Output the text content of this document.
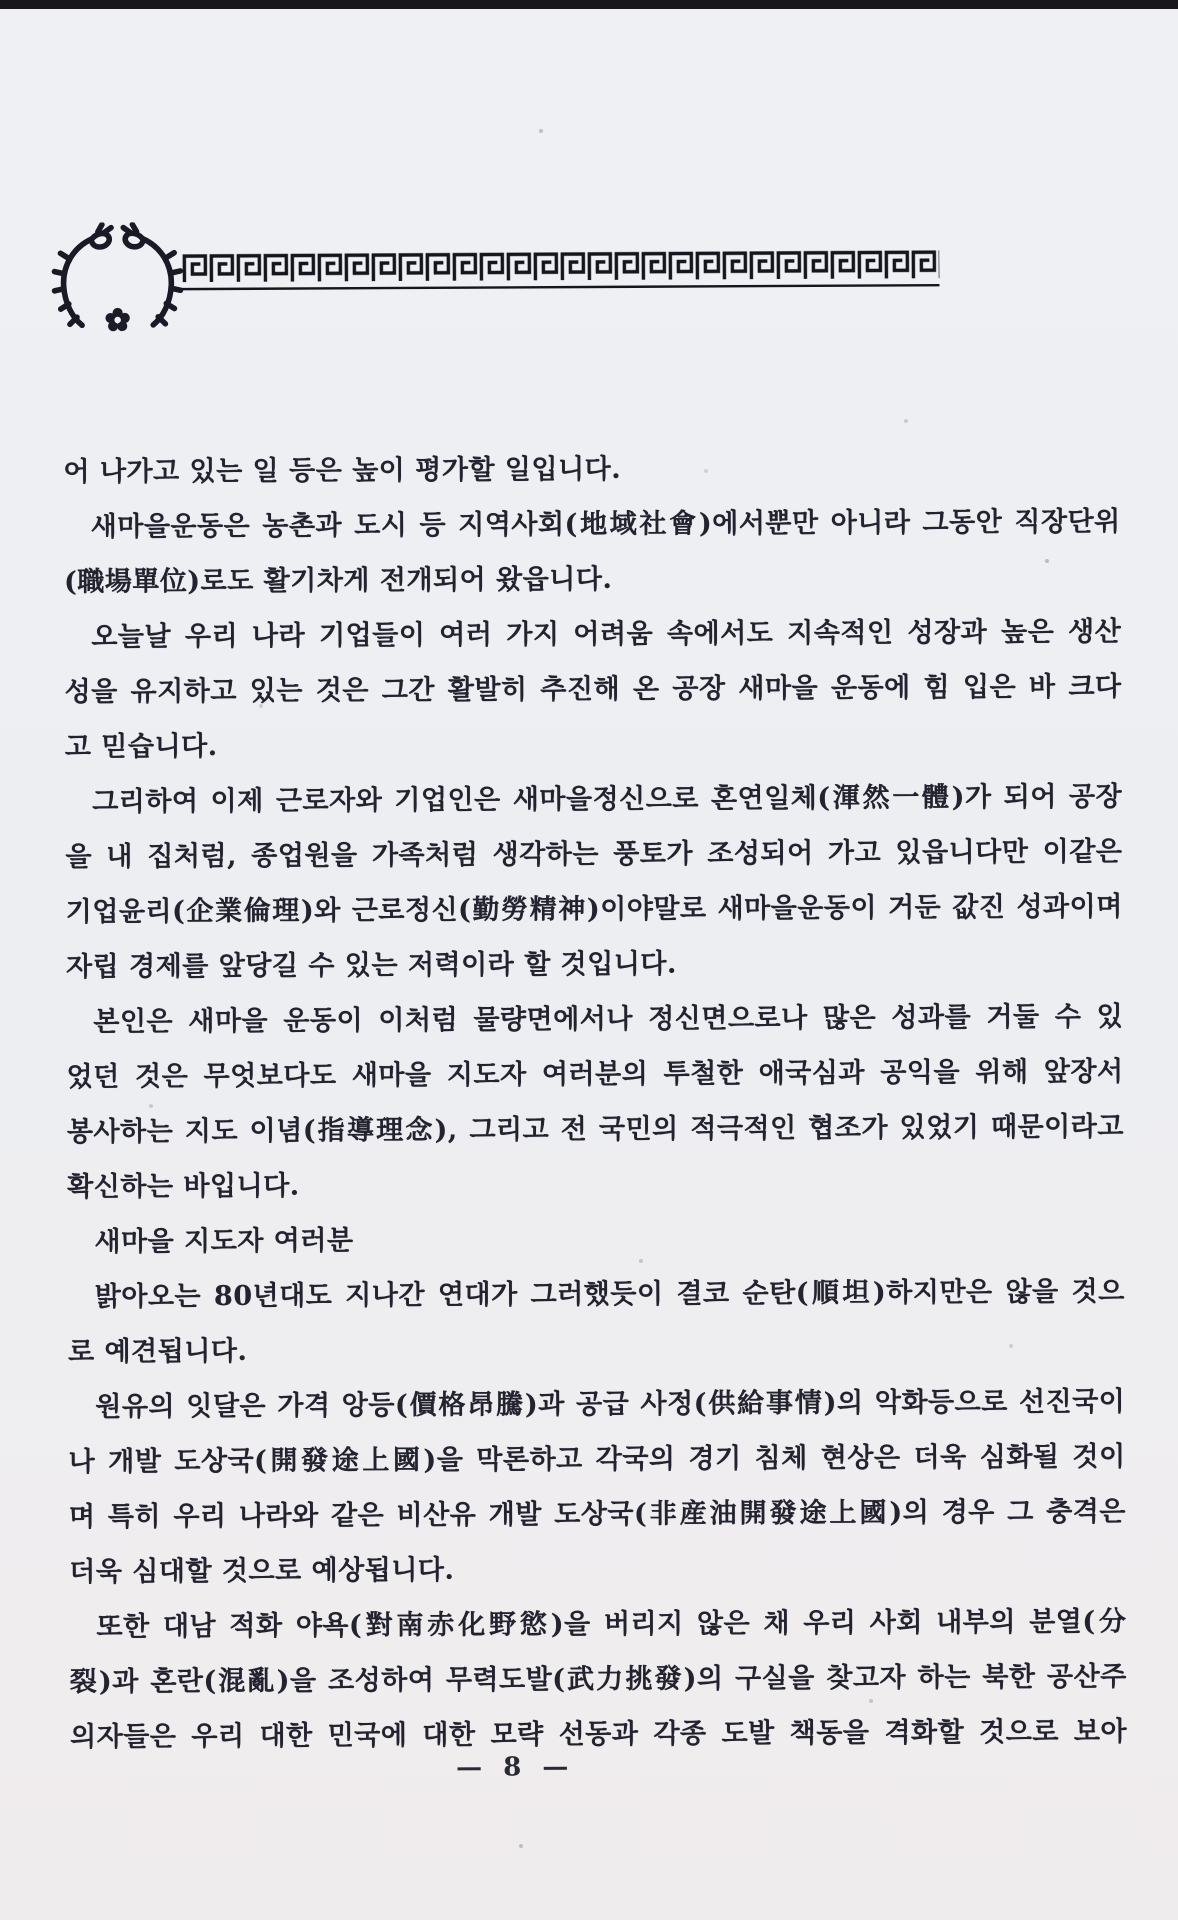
어 나가고 있는 일 등은 높이 평가할 일입니다.
새마을운동은 농촌과 도시 등 지역사회(地域社會)에서뿐만 아니라 그동안 직장단위
(職場單位)로도 활기차게 전개되어 왔읍니다.
오늘날 우리 나라 기업들이 여러 가지 어려움 속에서도 지속적인 성장과 높은 생산
성을 유지하고 있는 것은 그간 활발히 추진해 온 공장 새마을 운동에 힘 입은 바 크다
고 믿습니다.
그리하여 이제 근로자와 기업인은 새마을정신으로 혼연일체(渾然一體)가 되어 공장
을 내 집처럼, 종업원을 가족처럼 생각하는 풍토가 조성되어 가고 있읍니다만 이같은
기업윤리(企業倫理)와 근로정신(勤勞精神)이야말로 새마을운동이 거둔 값진 성과이며
자립 경제를 앞당길 수 있는 저력이라 할 것입니다.
본인은 새마을 운동이 이처럼 물량면에서나 정신면으로나 많은 성과를 거둘 수 있
었던 것은 무엇보다도 새마을 지도자 여러분의 투철한 애국심과 공익을 위해 앞장서
봉사하는 지도 이념(指導理念), 그리고 전 국민의 적극적인 협조가 있었기 때문이라고
확신하는 바입니다.
새마을 지도자 여러분
밝아오는 80년대도 지나간 연대가 그러했듯이 결코 순탄(順坦)하지만은 않을 것으
로 예견됩니다.
원유의 잇달은 가격 앙등(價格昂騰)과 공급 사정(供給事情)의 악화등으로 선진국이
나 개발 도상국(開發途上國)을 막론하고 각국의 경기 침체 현상은 더욱 심화될 것이
며 특히 우리 나라와 같은 비산유 개발 도상국(非産油開發途上國)의 경우 그 충격은
더욱 심대할 것으로 예상됩니다.
또한 대남 적화 야욕(對南赤化野慾)을 버리지 않은 채 우리 사회 내부의 분열(分
裂)과 혼란(混亂)을 조성하여 무력도발(武力挑發)의 구실을 찾고자 하는 북한 공산주
의자들은 우리 대한 민국에 대한 모략 선동과 각종 도발 책동을 격화할 것으로 보아
— 8 —
